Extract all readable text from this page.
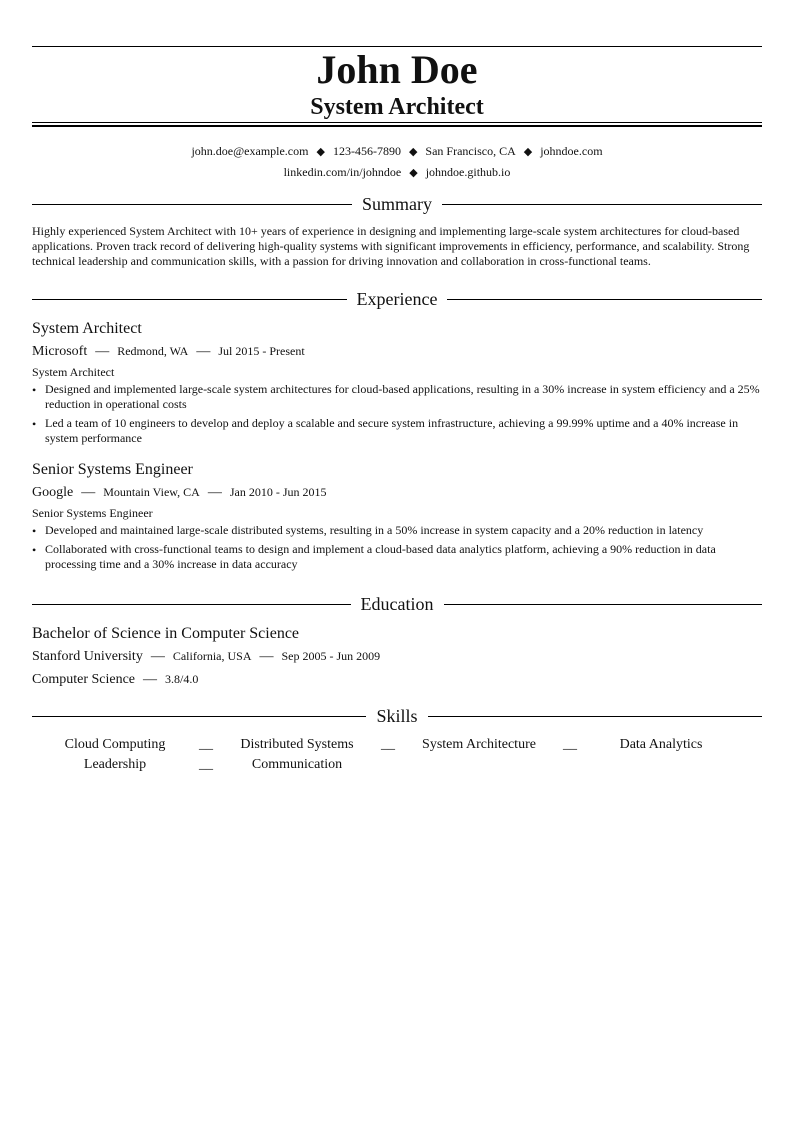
John Doe
System Architect
john.doe@example.com ◆ 123-456-7890 ◆ San Francisco, CA ◆ johndoe.com
linkedin.com/in/johndoe ◆ johndoe.github.io
Summary
Highly experienced System Architect with 10+ years of experience in designing and implementing large-scale system architectures for cloud-based applications. Proven track record of delivering high-quality systems with significant improvements in efficiency, performance, and scalability. Strong technical leadership and communication skills, with a passion for driving innovation and collaboration in cross-functional teams.
Experience
System Architect
Microsoft — Redmond, WA — Jul 2015 - Present
System Architect
• Designed and implemented large-scale system architectures for cloud-based applications, resulting in a 30% increase in system efficiency and a 25% reduction in operational costs
• Led a team of 10 engineers to develop and deploy a scalable and secure system infrastructure, achieving a 99.99% uptime and a 40% increase in system performance
Senior Systems Engineer
Google — Mountain View, CA — Jan 2010 - Jun 2015
Senior Systems Engineer
• Developed and maintained large-scale distributed systems, resulting in a 50% increase in system capacity and a 20% reduction in latency
• Collaborated with cross-functional teams to design and implement a cloud-based data analytics platform, achieving a 90% reduction in data processing time and a 30% increase in data accuracy
Education
Bachelor of Science in Computer Science
Stanford University — California, USA — Sep 2005 - Jun 2009
Computer Science — 3.8/4.0
Skills
Cloud Computing	__	Distributed Systems	__	System Architecture	__	Data Analytics
Leadership	__	Communication
